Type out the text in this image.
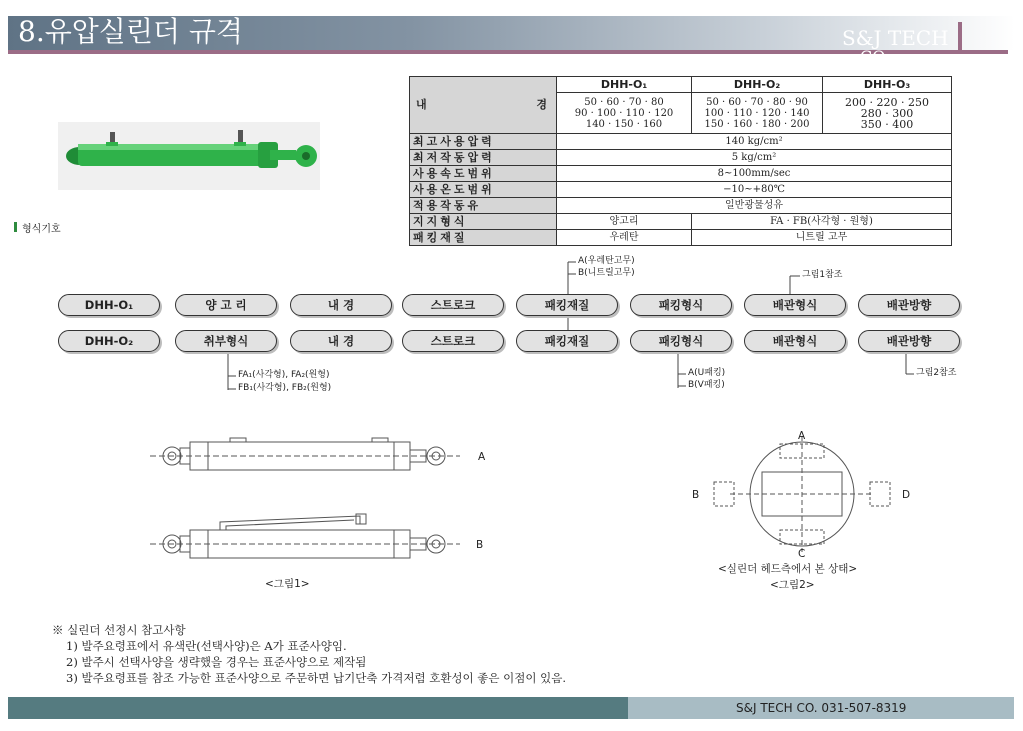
8.유압실린더 규격	S&J TECH
CO.
내 경	DHH-O₁	DHH-O₂	DHH-O₃

	50 · 60 · 70 · 80
90 · 100 · 110 · 120
140 · 150 · 160	50 · 60 · 70 · 80 · 90
100 · 110 · 120 · 140
150 · 160 · 180 · 200	200 · 220 · 250
280 · 300
350 · 400

최고사용압력	140 kg/cm²		
최저작동압력	5 kg/cm²		
사용속도범위	8~100mm/sec		
사용온도범위	−10~+80℃		
적용작동유	일반광물성유		
지지형식	양고리	FA · FB(사각형 · 원형)	
패킹재질	우레탄	니트릴 고무	
형식기호
A(우레탄고무)
B(니트릴고무)	그림1참조
DHH-O₁	양 고 리	내 경	스트로크	패킹재질	패킹형식	배관형식	배관방향
DHH-O₂	취부형식	내 경	스트로크	패킹재질	패킹형식	배관형식	배관방향
FA₁(사각형), FA₂(원형)
FB₁(사각형), FB₂(원형)
A(U패킹)
B(V패킹)
그림2참조
A
B
<그림1>
A
B
C
D
<실린더 헤드측에서 본 상태>
<그림2>
※ 실린더 선정시 참고사항
1) 발주요령표에서 유색란(선택사양)은 A가 표준사양임.
2) 발주시 선택사양을 생략했을 경우는 표준사양으로 제작됨
3) 발주요령표를 참조 가능한 표준사양으로 주문하면 납기단축 가격저렴 호환성이 좋은 이점이 있음.
S&J TECH CO. 031-507-8319
